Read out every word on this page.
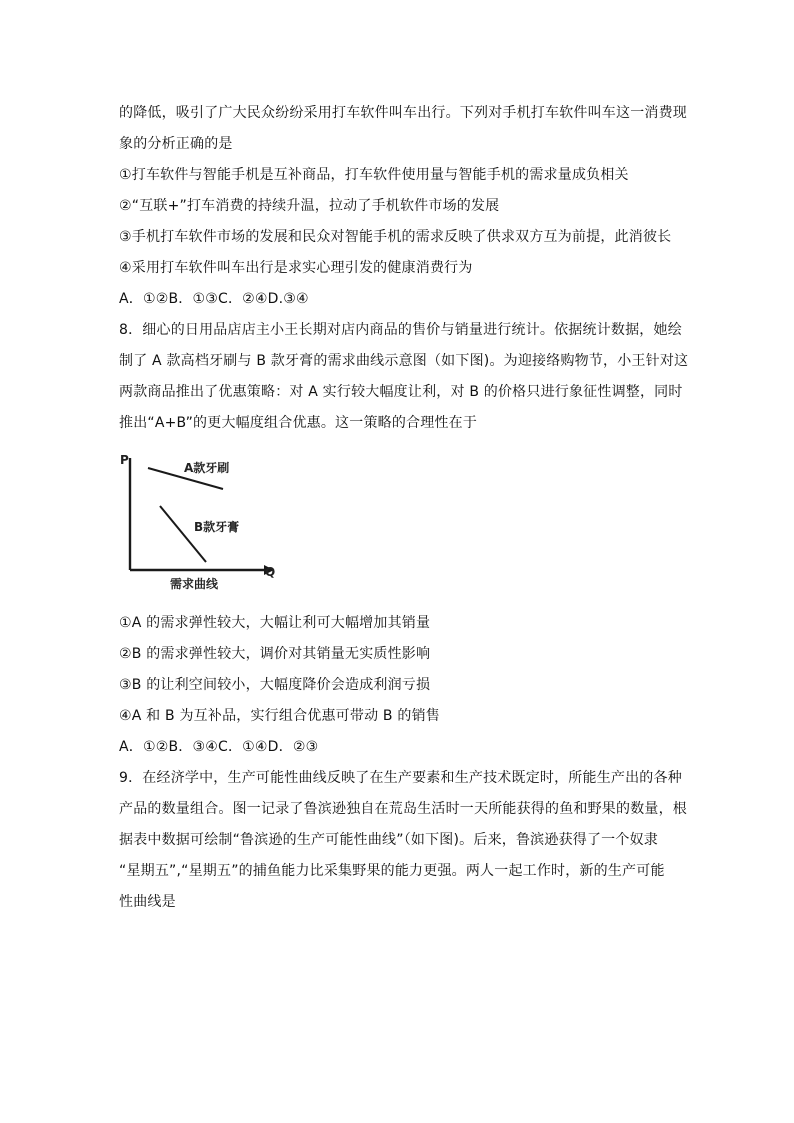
的降低，吸引了广大民众纷纷采用打车软件叫车出行。下列对手机打车软件叫车这一消费现
象的分析正确的是
①打车软件与智能手机是互补商品，打车软件使用量与智能手机的需求量成负相关
②“互联+”打车消费的持续升温，拉动了手机软件市场的发展
③手机打车软件市场的发展和民众对智能手机的需求反映了供求双方互为前提，此消彼长
④采用打车软件叫车出行是求实心理引发的健康消费行为
A．①②B．①③C．②④D.③④
8．细心的日用品店店主小王长期对店内商品的售价与销量进行统计。依据统计数据，她绘
制了 A 款高档牙刷与 B 款牙膏的需求曲线示意图（如下图)。为迎接络购物节，小王针对这
两款商品推出了优惠策略：对 A 实行较大幅度让利，对 B 的价格只进行象征性调整，同时
推出“A+B”的更大幅度组合优惠。这一策略的合理性在于
P
Q
A款牙刷
B款牙膏
需求曲线
①A 的需求弹性较大，大幅让利可大幅增加其销量
②B 的需求弹性较大，调价对其销量无实质性影响
③B 的让利空间较小，大幅度降价会造成利润亏损
④A 和 B 为互补品，实行组合优惠可带动 B 的销售
A．①②B．③④C．①④D．②③
9．在经济学中，生产可能性曲线反映了在生产要素和生产技术既定时，所能生产出的各种
产品的数量组合。图一记录了鲁滨逊独自在荒岛生活时一天所能获得的鱼和野果的数量，根
据表中数据可绘制“鲁滨逊的生产可能性曲线”（如下图)。后来，鲁滨逊获得了一个奴隶
“星期五”,“星期五”的捕鱼能力比采集野果的能力更强。两人一起工作时，新的生产可能
性曲线是
